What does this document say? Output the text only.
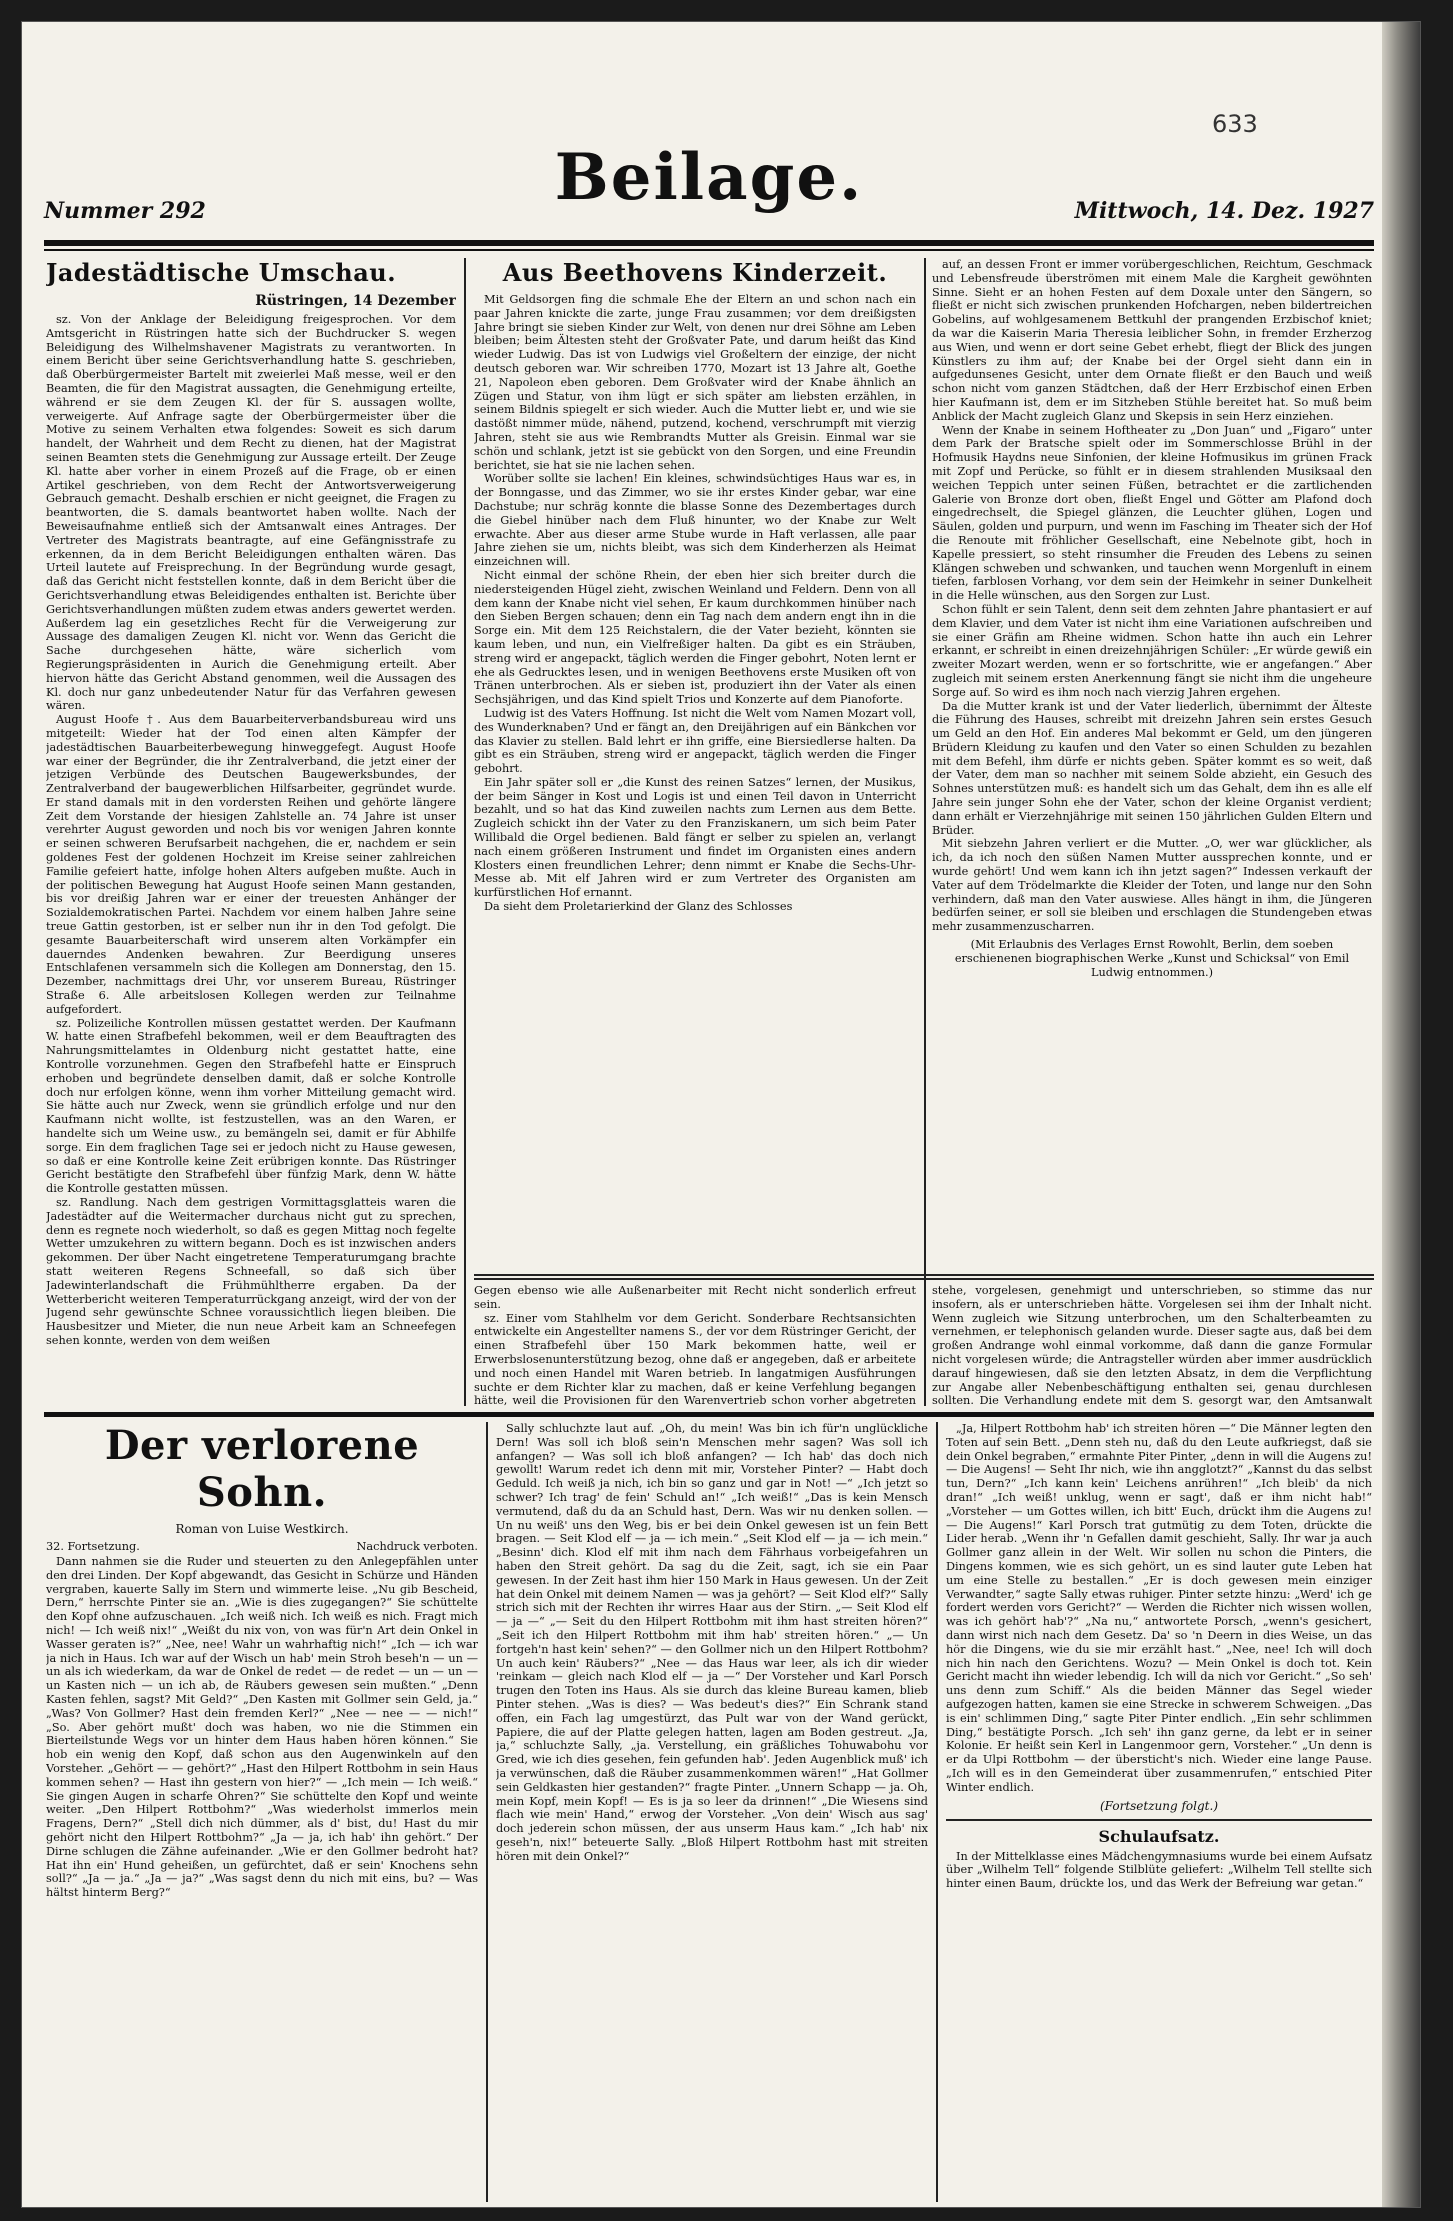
633
Nummer 292	Beilage.	Mittwoch, 14. Dez. 1927
Jadestädtische Umschau.
Rüstringen, 14 Dezember

sz. Von der Anklage der Beleidigung freigesprochen. Vor dem Amtsgericht in Rüstringen hatte sich der Buchdrucker S. wegen Beleidigung des Wilhelmshavener Magistrats zu verantworten. In einem Bericht über seine Gerichtsverhandlung hatte S. geschrieben, daß Oberbürgermeister Bartelt mit zweierlei Maß messe, weil er den Beamten, die für den Magistrat aussagten, die Genehmigung erteilte, während er sie dem Zeugen Kl. der für S. aussagen wollte, verweigerte. Auf Anfrage sagte der Oberbürgermeister über die Motive zu seinem Verhalten etwa folgendes: Soweit es sich darum handelt, der Wahrheit und dem Recht zu dienen, hat der Magistrat seinen Beamten stets die Genehmigung zur Aussage erteilt. Der Zeuge Kl. hatte aber vorher in einem Prozeß auf die Frage, ob er einen Artikel geschrieben, von dem Recht der Antwortsverweigerung Gebrauch gemacht. Deshalb erschien er nicht geeignet, die Fragen zu beantworten, die S. damals beantwortet haben wollte. Nach der Beweisaufnahme entließ sich der Amtsanwalt eines Antrages. Der Vertreter des Magistrats beantragte, auf eine Gefängnisstrafe zu erkennen, da in dem Bericht Beleidigungen enthalten wären. Das Urteil lautete auf Freisprechung. In der Begründung wurde gesagt, daß das Gericht nicht feststellen konnte, daß in dem Bericht über die Gerichtsverhandlung etwas Beleidigendes enthalten ist. Berichte über Gerichtsverhandlungen müßten zudem etwas anders gewertet werden. Außerdem lag ein gesetzliches Recht für die Verweigerung zur Aussage des damaligen Zeugen Kl. nicht vor. Wenn das Gericht die Sache durchgesehen hätte, wäre sicherlich vom Regierungspräsidenten in Aurich die Genehmigung erteilt. Aber hiervon hätte das Gericht Abstand genommen, weil die Aussagen des Kl. doch nur ganz unbedeutender Natur für das Verfahren gewesen wären.

August Hoofe †. Aus dem Bauarbeiterverbandsbureau wird uns mitgeteilt: Wieder hat der Tod einen alten Kämpfer der jadestädtischen Bauarbeiterbewegung hinweggefegt. August Hoofe war einer der Begründer, die ihr Zentralverband, die jetzt einer der jetzigen Verbünde des Deutschen Baugewerksbundes, der Zentralverband der baugewerblichen Hilfsarbeiter, gegründet wurde. Er stand damals mit in den vordersten Reihen und gehörte längere Zeit dem Vorstande der hiesigen Zahlstelle an. 74 Jahre ist unser verehrter August geworden und noch bis vor wenigen Jahren konnte er seinen schweren Berufsarbeit nachgehen, die er, nachdem er sein goldenes Fest der goldenen Hochzeit im Kreise seiner zahlreichen Familie gefeiert hatte, infolge hohen Alters aufgeben mußte. Auch in der politischen Bewegung hat August Hoofe seinen Mann gestanden, bis vor dreißig Jahren war er einer der treuesten Anhänger der Sozialdemokratischen Partei. Nachdem vor einem halben Jahre seine treue Gattin gestorben, ist er selber nun ihr in den Tod gefolgt. Die gesamte Bauarbeiterschaft wird unserem alten Vorkämpfer ein dauerndes Andenken bewahren. Zur Beerdigung unseres Entschlafenen versammeln sich die Kollegen am Donnerstag, den 15. Dezember, nachmittags drei Uhr, vor unserem Bureau, Rüstringer Straße 6. Alle arbeitslosen Kollegen werden zur Teilnahme aufgefordert.

sz. Polizeiliche Kontrollen müssen gestattet werden. Der Kaufmann W. hatte einen Strafbefehl bekommen, weil er dem Beauftragten des Nahrungsmittelamtes in Oldenburg nicht gestattet hatte, eine Kontrolle vorzunehmen. Gegen den Strafbefehl hatte er Einspruch erhoben und begründete denselben damit, daß er solche Kontrolle doch nur erfolgen könne, wenn ihm vorher Mitteilung gemacht wird. Sie hätte auch nur Zweck, wenn sie gründlich erfolge und nur den Kaufmann nicht wollte, ist festzustellen, was an den Waren, er handelte sich um Weine usw., zu bemängeln sei, damit er für Abhilfe sorge. Ein dem fraglichen Tage sei er jedoch nicht zu Hause gewesen, so daß er eine Kontrolle keine Zeit erübrigen konnte. Das Rüstringer Gericht bestätigte den Strafbefehl über fünfzig Mark, denn W. hätte die Kontrolle gestatten müssen.

sz. Randlung. Nach dem gestrigen Vormittagsglatteis waren die Jadestädter auf die Weitermacher durchaus nicht gut zu sprechen, denn es regnete noch wiederholt, so daß es gegen Mittag noch fegelte Wetter umzukehren zu wittern begann. Doch es ist inzwischen anders gekommen. Der über Nacht eingetretene Temperaturumgang brachte statt weiteren Regens Schneefall, so daß sich über Jadewinterlandschaft die Frühmühltherre ergaben. Da der Wetterbericht weiteren Temperaturrückgang anzeigt, wird der von der Jugend sehr gewünschte Schnee voraussichtlich liegen bleiben. Die Hausbesitzer und Mieter, die nun neue Arbeit kam an Schneefegen sehen konnte, werden von dem weißen

Aus Beethovens Kinderzeit.

Mit Geldsorgen fing die schmale Ehe der Eltern an und schon nach ein paar Jahren knickte die zarte, junge Frau zusammen; vor dem dreißigsten Jahre bringt sie sieben Kinder zur Welt, von denen nur drei Söhne am Leben bleiben; beim Ältesten steht der Großvater Pate, und darum heißt das Kind wieder Ludwig. Das ist von Ludwigs viel Großeltern der einzige, der nicht deutsch geboren war. Wir schreiben 1770, Mozart ist 13 Jahre alt, Goethe 21, Napoleon eben geboren. Dem Großvater wird der Knabe ähnlich an Zügen und Statur, von ihm lügt er sich später am liebsten erzählen, in seinem Bildnis spiegelt er sich wieder. Auch die Mutter liebt er, und wie sie dastößt nimmer müde, nähend, putzend, kochend, verschrumpft mit vierzig Jahren, steht sie aus wie Rembrandts Mutter als Greisin. Einmal war sie schön und schlank, jetzt ist sie gebückt von den Sorgen, und eine Freundin berichtet, sie hat sie nie lachen sehen.

Worüber sollte sie lachen! Ein kleines, schwindsüchtiges Haus war es, in der Bonngasse, und das Zimmer, wo sie ihr erstes Kinder gebar, war eine Dachstube; nur schräg konnte die blasse Sonne des Dezembertages durch die Giebel hinüber nach dem Fluß hinunter, wo der Knabe zur Welt erwachte. Aber aus dieser arme Stube wurde in Haft verlassen, alle paar Jahre ziehen sie um, nichts bleibt, was sich dem Kinderherzen als Heimat einzeichnen will.

Nicht einmal der schöne Rhein, der eben hier sich breiter durch die niedersteigenden Hügel zieht, zwischen Weinland und Feldern. Denn von all dem kann der Knabe nicht viel sehen, Er kaum durchkommen hinüber nach den Sieben Bergen schauen; denn ein Tag nach dem andern engt ihn in die Sorge ein. Mit dem 125 Reichstalern, die der Vater bezieht, könnten sie kaum leben, und nun, ein Vielfreßiger halten. Da gibt es ein Sträuben, streng wird er angepackt, täglich werden die Finger gebohrt, Noten lernt er ehe als Gedrucktes lesen, und in wenigen Beethovens erste Musiken oft von Tränen unterbrochen. Als er sieben ist, produziert ihn der Vater als einen Sechsjährigen, und das Kind spielt Trios und Konzerte auf dem Pianoforte.

Ludwig ist des Vaters Hoffnung. Ist nicht die Welt vom Namen Mozart voll, des Wunderknaben? Und er fängt an, den Dreijährigen auf ein Bänkchen vor das Klavier zu stellen. Bald lehrt er ihn griffe, eine Biersiedlerse halten. Da gibt es ein Sträuben, streng wird er angepackt, täglich werden die Finger gebohrt.

Ein Jahr später soll er „die Kunst des reinen Satzes“ lernen, der Musikus, der beim Sänger in Kost und Logis ist und einen Teil davon in Unterricht bezahlt, und so hat das Kind zuweilen nachts zum Lernen aus dem Bette. Zugleich schickt ihn der Vater zu den Franziskanern, um sich beim Pater Willibald die Orgel bedienen. Bald fängt er selber zu spielen an, verlangt nach einem größeren Instrument und findet im Organisten eines andern Klosters einen freundlichen Lehrer; denn nimmt er Knabe die Sechs-Uhr-Messe ab. Mit elf Jahren wird er zum Vertreter des Organisten am kurfürstlichen Hof ernannt.

Da sieht dem Proletarierkind der Glanz des Schlosses

auf, an dessen Front er immer vorübergeschlichen, Reichtum, Geschmack und Lebensfreude überströmen mit einem Male die Kargheit gewöhnten Sinne. Sieht er an hohen Festen auf dem Doxale unter den Sängern, so fließt er nicht sich zwischen prunkenden Hofchargen, neben bildertreichen Gobelins, auf wohlgesamenem Bettkuhl der prangenden Erzbischof kniet; da war die Kaiserin Maria Theresia leiblicher Sohn, in fremder Erzherzog aus Wien, und wenn er dort seine Gebet erhebt, fliegt der Blick des jungen Künstlers zu ihm auf; der Knabe bei der Orgel sieht dann ein in aufgedunsenes Gesicht, unter dem Ornate fließt er den Bauch und weiß schon nicht vom ganzen Städtchen, daß der Herr Erzbischof einen Erben hier Kaufmann ist, dem er im Sitzheben Stühle bereitet hat. So muß beim Anblick der Macht zugleich Glanz und Skepsis in sein Herz einziehen.

Wenn der Knabe in seinem Hoftheater zu „Don Juan“ und „Figaro“ unter dem Park der Bratsche spielt oder im Sommerschlosse Brühl in der Hofmusik Haydns neue Sinfonien, der kleine Hofmusikus im grünen Frack mit Zopf und Perücke, so fühlt er in diesem strahlenden Musiksaal den weichen Teppich unter seinen Füßen, betrachtet er die zartlichenden Galerie von Bronze dort oben, fließt Engel und Götter am Plafond doch eingedrechselt, die Spiegel glänzen, die Leuchter glühen, Logen und Säulen, golden und purpurn, und wenn im Fasching im Theater sich der Hof die Renoute mit fröhlicher Gesellschaft, eine Nebelnote gibt, hoch in Kapelle pressiert, so steht rinsumher die Freuden des Lebens zu seinen Klängen schweben und schwanken, und tauchen wenn Morgenluft in einem tiefen, farblosen Vorhang, vor dem sein der Heimkehr in seiner Dunkelheit in die Helle wünschen, aus den Sorgen zur Lust.

Schon fühlt er sein Talent, denn seit dem zehnten Jahre phantasiert er auf dem Klavier, und dem Vater ist nicht ihm eine Variationen aufschreiben und sie einer Gräfin am Rheine widmen. Schon hatte ihn auch ein Lehrer erkannt, er schreibt in einen dreizehnjährigen Schüler: „Er würde gewiß ein zweiter Mozart werden, wenn er so fortschritte, wie er angefangen.“ Aber zugleich mit seinem ersten Anerkennung fängt sie nicht ihm die ungeheure Sorge auf. So wird es ihm noch nach vierzig Jahren ergehen.

Da die Mutter krank ist und der Vater liederlich, übernimmt der Älteste die Führung des Hauses, schreibt mit dreizehn Jahren sein erstes Gesuch um Geld an den Hof. Ein anderes Mal bekommt er Geld, um den jüngeren Brüdern Kleidung zu kaufen und den Vater so einen Schulden zu bezahlen mit dem Befehl, ihm dürfe er nichts geben. Später kommt es so weit, daß der Vater, dem man so nachher mit seinem Solde abzieht, ein Gesuch des Sohnes unterstützen muß: es handelt sich um das Gehalt, dem ihn es alle elf Jahre sein junger Sohn ehe der Vater, schon der kleine Organist verdient; dann erhält er Vierzehnjährige mit seinen 150 jährlichen Gulden Eltern und Brüder.

Mit siebzehn Jahren verliert er die Mutter. „O, wer war glücklicher, als ich, da ich noch den süßen Namen Mutter aussprechen konnte, und er wurde gehört! Und wem kann ich ihn jetzt sagen?“ Indessen verkauft der Vater auf dem Trödelmarkte die Kleider der Toten, und lange nur den Sohn verhindern, daß man den Vater auswiese. Alles hängt in ihm, die Jüngeren bedürfen seiner, er soll sie bleiben und erschlagen die Stundengeben etwas mehr zusammenzuscharren.

(Mit Erlaubnis des Verlages Ernst Rowohlt, Berlin, dem soeben erschienenen biographischen Werke „Kunst und Schicksal“ von Emil Ludwig entnommen.)
Gegen ebenso wie alle Außenarbeiter mit Recht nicht sonderlich erfreut sein.

sz. Einer vom Stahlhelm vor dem Gericht. Sonderbare Rechtsansichten entwickelte ein Angestellter namens S., der vor dem Rüstringer Gericht, der einen Strafbefehl über 150 Mark bekommen hatte, weil er Erwerbslosenunterstützung bezog, ohne daß er angegeben, daß er arbeitete und noch einen Handel mit Waren betrieb. In langatmigen Ausführungen suchte er dem Richter klar zu machen, daß er keine Verfehlung begangen hätte, weil die Provisionen für den Warenvertrieb schon vorher abgetreten

stehe, vorgelesen, genehmigt und unterschrieben, so stimme das nur insofern, als er unterschrieben hätte. Vorgelesen sei ihm der Inhalt nicht. Wenn zugleich wie Sitzung unterbrochen, um den Schalterbeamten zu vernehmen, er telephonisch gelanden wurde. Dieser sagte aus, daß bei dem großen Andrange wohl einmal vorkomme, daß dann die ganze Formular nicht vorgelesen würde; die Antragsteller würden aber immer ausdrücklich darauf hingewiesen, daß sie den letzten Absatz, in dem die Verpflichtung zur Angabe aller Nebenbeschäftigung enthalten sei, genau durchlesen sollten. Die Verhandlung endete mit dem S. gesorgt war, den Amtsanwalt
Der verlorene Sohn.
Roman von Luise Westkirch.
32. Fortsetzung.	Nachdruck verboten.

Dann nahmen sie die Ruder und steuerten zu den Anlegepfählen unter den drei Linden. Der Kopf abgewandt, das Gesicht in Schürze und Händen vergraben, kauerte Sally im Stern und wimmerte leise. „Nu gib Bescheid, Dern,“ herrschte Pinter sie an. „Wie is dies zugegangen?“ Sie schüttelte den Kopf ohne aufzuschauen. „Ich weiß nich. Ich weiß es nich. Fragt mich nich! — Ich weiß nix!“ „Weißt du nix von, von was für'n Art dein Onkel in Wasser geraten is?“ „Nee, nee! Wahr un wahrhaftig nich!“ „Ich — ich war ja nich in Haus. Ich war auf der Wisch un hab' mein Stroh beseh'n — un — un als ich wiederkam, da war de Onkel de redet — de redet — un — un — un Kasten nich — un ich ab, de Räubers gewesen sein mußten.“ „Denn Kasten fehlen, sagst? Mit Geld?“ „Den Kasten mit Gollmer sein Geld, ja.“ „Was? Von Gollmer? Hast dein fremden Kerl?“ „Nee — nee — — nich!“ „So. Aber gehört mußt' doch was haben, wo nie die Stimmen ein Bierteilstunde Wegs vor un hinter dem Haus haben hören können.“ Sie hob ein wenig den Kopf, daß schon aus den Augenwinkeln auf den Vorsteher. „Gehört — — gehört?“ „Hast den Hilpert Rottbohm in sein Haus kommen sehen? — Hast ihn gestern von hier?“ — „Ich mein — Ich weiß.“ Sie gingen Augen in scharfe Ohren?“ Sie schüttelte den Kopf und weinte weiter. „Den Hilpert Rottbohm?“ „Was wiederholst immerlos mein Fragens, Dern?“ „Stell dich nich dümmer, als d' bist, du! Hast du mir gehört nicht den Hilpert Rottbohm?“ „Ja — ja, ich hab' ihn gehört.“ Der Dirne schlugen die Zähne aufeinander. „Wie er den Gollmer bedroht hat? Hat ihn ein' Hund geheißen, un gefürchtet, daß er sein' Knochens sehn soll?“ „Ja — ja.“ „Ja — ja?“ „Was sagst denn du nich mit eins, bu? — Was hältst hinterm Berg?“

Sally schluchzte laut auf. „Oh, du mein! Was bin ich für'n unglückliche Dern! Was soll ich bloß sein'n Menschen mehr sagen? Was soll ich anfangen? — Was soll ich bloß anfangen? — Ich hab' das doch nich gewollt! Warum redet ich denn mit mir, Vorsteher Pinter? — Habt doch Geduld. Ich weiß ja nich, ich bin so ganz und gar in Not! —“ „Ich jetzt so schwer? Ich trag' de fein' Schuld an!“ „Ich weiß!“ „Das is kein Mensch vermutend, daß du da an Schuld hast, Dern. Was wir nu denken sollen. — Un nu weiß' uns den Weg, bis er bei dein Onkel gewesen ist un fein Bett bragen. — Seit Klod elf — ja — ich mein.“ „Seit Klod elf — ja — ich mein.“ „Besinn' dich. Klod elf mit ihm nach dem Fährhaus vorbeigefahren un haben den Streit gehört. Da sag du die Zeit, sagt, ich sie ein Paar gewesen. In der Zeit hast ihm hier 150 Mark in Haus gewesen. Un der Zeit hat dein Onkel mit deinem Namen — was ja gehört? — Seit Klod elf?“ Sally strich sich mit der Rechten ihr wirres Haar aus der Stirn. „— Seit Klod elf — ja —“ „— Seit du den Hilpert Rottbohm mit ihm hast streiten hören?“ „Seit ich den Hilpert Rottbohm mit ihm hab' streiten hören.“ „— Un fortgeh'n hast kein' sehen?“ — den Gollmer nich un den Hilpert Rottbohm? Un auch kein' Räubers?“ „Nee — das Haus war leer, als ich dir wieder 'reinkam — gleich nach Klod elf — ja —“ Der Vorsteher und Karl Porsch trugen den Toten ins Haus. Als sie durch das kleine Bureau kamen, blieb Pinter stehen. „Was is dies? — Was bedeut's dies?“ Ein Schrank stand offen, ein Fach lag umgestürzt, das Pult war von der Wand gerückt, Papiere, die auf der Platte gelegen hatten, lagen am Boden gestreut. „Ja, ja,“ schluchzte Sally, „ja. Verstellung, ein gräßliches Tohuwabohu vor Gred, wie ich dies gesehen, fein gefunden hab'. Jeden Augenblick muß' ich ja verwünschen, daß die Räuber zusammenkommen wären!“ „Hat Gollmer sein Geldkasten hier gestanden?“ fragte Pinter. „Unnern Schapp — ja. Oh, mein Kopf, mein Kopf! — Es is ja so leer da drinnen!“ „Die Wiesens sind flach wie mein' Hand,“ erwog der Vorsteher. „Von dein' Wisch aus sag' doch jederein schon müssen, der aus unserm Haus kam.“ „Ich hab' nix geseh'n, nix!“ beteuerte Sally. „Bloß Hilpert Rottbohm hast mit streiten hören mit dein Onkel?“

„Ja, Hilpert Rottbohm hab' ich streiten hören —“ Die Männer legten den Toten auf sein Bett. „Denn steh nu, daß du den Leute aufkriegst, daß sie dein Onkel begraben,“ ermahnte Piter Pinter, „denn in will die Augens zu! — Die Augens! — Seht Ihr nich, wie ihn angglotzt?“ „Kannst du das selbst tun, Dern?“ „Ich kann kein' Leichens anrühren!“ „Ich bleib' da nich dran!“ „Ich weiß! unklug, wenn er sagt', daß er ihm nicht hab!“ „Vorsteher — um Gottes willen, ich bitt' Euch, drückt ihm die Augens zu! — Die Augens!“ Karl Porsch trat gutmütig zu dem Toten, drückte die Lider herab. „Wenn ihr 'n Gefallen damit geschieht, Sally. Ihr war ja auch Gollmer ganz allein in der Welt. Wir sollen nu schon die Pinters, die Dingens kommen, wie es sich gehört, un es sind lauter gute Leben hat um eine Stelle zu bestallen.“ „Er is doch gewesen mein einziger Verwandter,“ sagte Sally etwas ruhiger. Pinter setzte hinzu: „Werd' ich ge fordert werden vors Gericht?“ — Werden die Richter nich wissen wollen, was ich gehört hab'?“ „Na nu,“ antwortete Porsch, „wenn's gesichert, dann wirst nich nach dem Gesetz. Da' so 'n Deern in dies Weise, un das hör die Dingens, wie du sie mir erzählt hast.“ „Nee, nee! Ich will doch nich hin nach den Gerichtens. Wozu? — Mein Onkel is doch tot. Kein Gericht macht ihn wieder lebendig. Ich will da nich vor Gericht.“ „So seh' uns denn zum Schiff.“ Als die beiden Männer das Segel wieder aufgezogen hatten, kamen sie eine Strecke in schwerem Schweigen. „Das is ein' schlimmen Ding,“ sagte Piter Pinter endlich. „Ein sehr schlimmen Ding,“ bestätigte Porsch. „Ich seh' ihn ganz gerne, da lebt er in seiner Kolonie. Er heißt sein Kerl in Langenmoor gern, Vorsteher.“ „Un denn is er da Ulpi Rottbohm — der übersticht's nich. Wieder eine lange Pause. „Ich will es in den Gemeinderat über zusammenrufen,“ entschied Piter Winter endlich.

(Fortsetzung folgt.)
Schulaufsatz.

In der Mittelklasse eines Mädchengymnasiums wurde bei einem Aufsatz über „Wilhelm Tell“ folgende Stilblüte geliefert: „Wilhelm Tell stellte sich hinter einen Baum, drückte los, und das Werk der Befreiung war getan.“
